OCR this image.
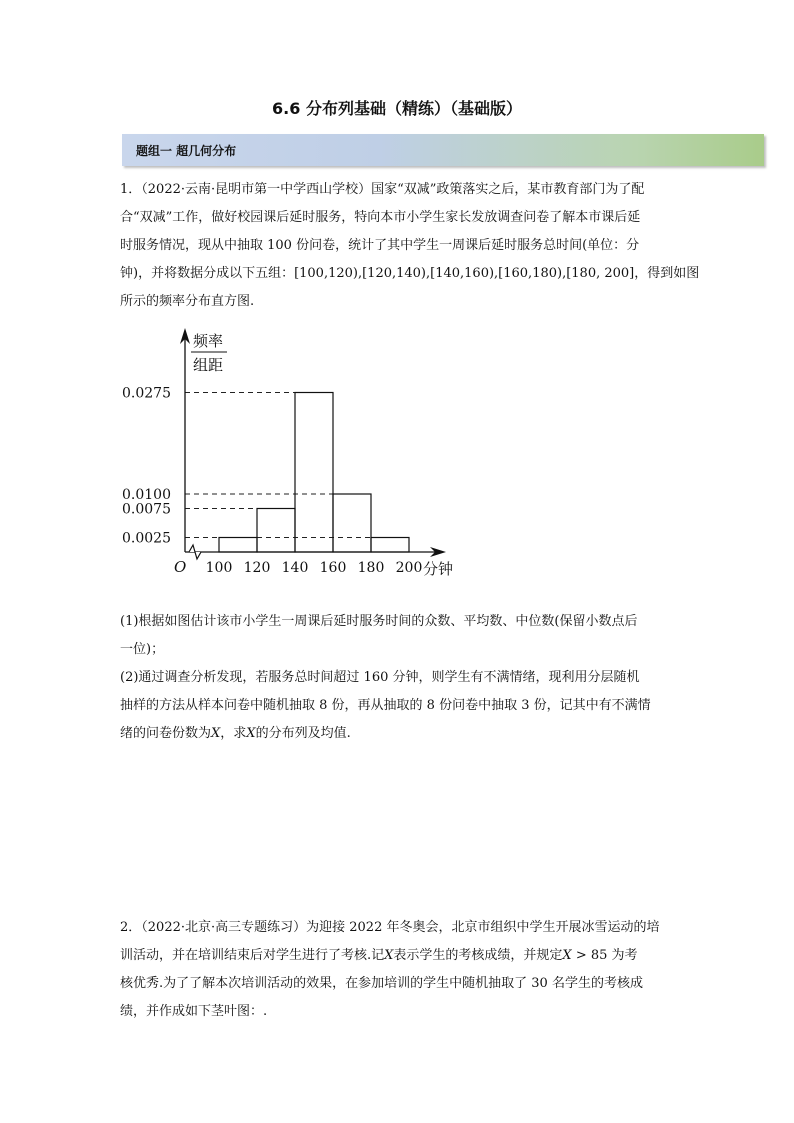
6.6 分布列基础（精练）（基础版）
题组一 超几何分布
1．（2022·云南·昆明市第一中学西山学校）国家“双减”政策落实之后，某市教育部门为了配
合“双减”工作，做好校园课后延时服务，特向本市小学生家长发放调查问卷了解本市课后延
时服务情况，现从中抽取 100 份问卷，统计了其中学生一周课后延时服务总时间(单位：分
钟)，并将数据分成以下五组：[100,120),[120,140),[140,160),[160,180),[180, 200]，得到如图
所示的频率分布直方图.
0.0025
0.0075
0.0100
0.0275
频率
组距
O 100 120 140 160 180 200 分钟
(1)根据如图估计该市小学生一周课后延时服务时间的众数、平均数、中位数(保留小数点后
一位)；
(2)通过调查分析发现，若服务总时间超过 160 分钟，则学生有不满情绪，现利用分层随机
抽样的方法从样本问卷中随机抽取 8 份，再从抽取的 8 份问卷中抽取 3 份，记其中有不满情
绪的问卷份数为X，求X的分布列及均值.
2．（2022·北京·高三专题练习）为迎接 2022 年冬奥会，北京市组织中学生开展冰雪运动的培
训活动，并在培训结束后对学生进行了考核.记X表示学生的考核成绩，并规定X > 85 为考
核优秀.为了了解本次培训活动的效果，在参加培训的学生中随机抽取了 30 名学生的考核成
绩，并作成如下茎叶图：.
